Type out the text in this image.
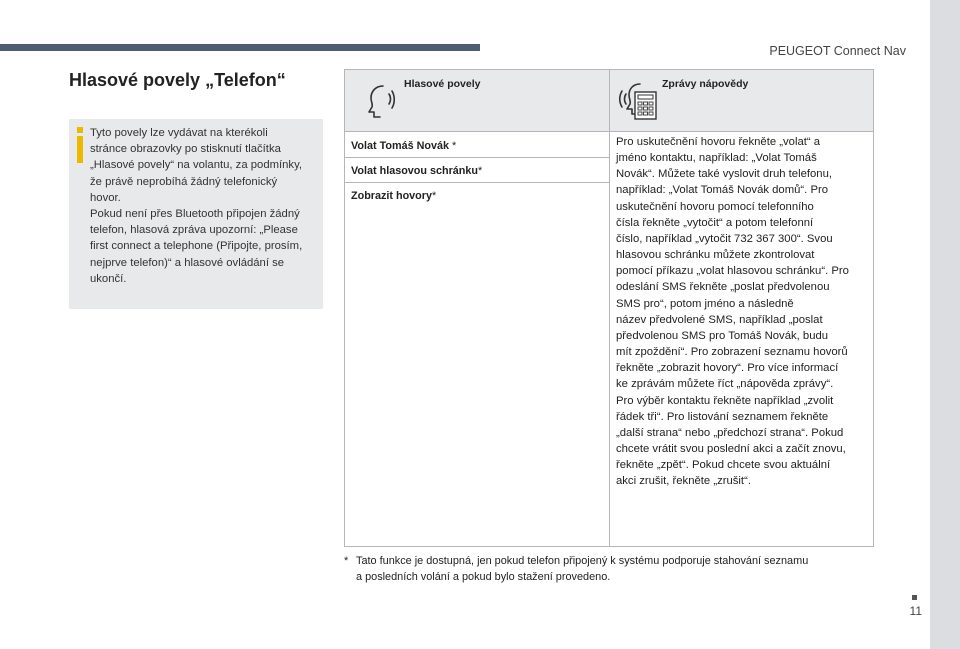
PEUGEOT Connect Nav
11
Hlasové povely „Telefon“
Tyto povely lze vydávat na kterékoli
stránce obrazovky po stisknutí tlačítka
„Hlasové povely“ na volantu, za podmínky,
že právě neprobíhá žádný telefonický
hovor.
Pokud není přes Bluetooth připojen žádný
telefon, hlasová zpráva upozorní: „Please
first connect a telephone (Připojte, prosím,
nejprve telefon)“ a hlasové ovládání se
ukončí.
Hlasové povely	Zprávy nápovědy
Volat Tomáš Novák *
Volat hlasovou schránku*
Zobrazit hovory*
Pro uskutečnění hovoru řekněte „volat“ a
jméno kontaktu, například: „Volat Tomáš
Novák“. Můžete také vyslovit druh telefonu,
například: „Volat Tomáš Novák domů“. Pro
uskutečnění hovoru pomocí telefonního
čísla řekněte „vytočit“ a potom telefonní
číslo, například „vytočit 732 367 300“. Svou
hlasovou schránku můžete zkontrolovat
pomocí příkazu „volat hlasovou schránku“. Pro
odeslání SMS řekněte „poslat předvolenou
SMS pro“, potom jméno a následně
název předvolené SMS, například „poslat
předvolenou SMS pro Tomáš Novák, budu
mít zpoždění“. Pro zobrazení seznamu hovorů
řekněte „zobrazit hovory“. Pro více informací
ke zprávám můžete říct „nápověda zprávy“.
Pro výběr kontaktu řekněte například „zvolit
řádek tři“. Pro listování seznamem řekněte
„další strana“ nebo „předchozí strana“. Pokud
chcete vrátit svou poslední akci a začít znovu,
řekněte „zpět“. Pokud chcete svou aktuální
akci zrušit, řekněte „zrušit“.
* Tato funkce je dostupná, jen pokud telefon připojený k systému podporuje stahování seznamu
a posledních volání a pokud bylo stažení provedeno.
